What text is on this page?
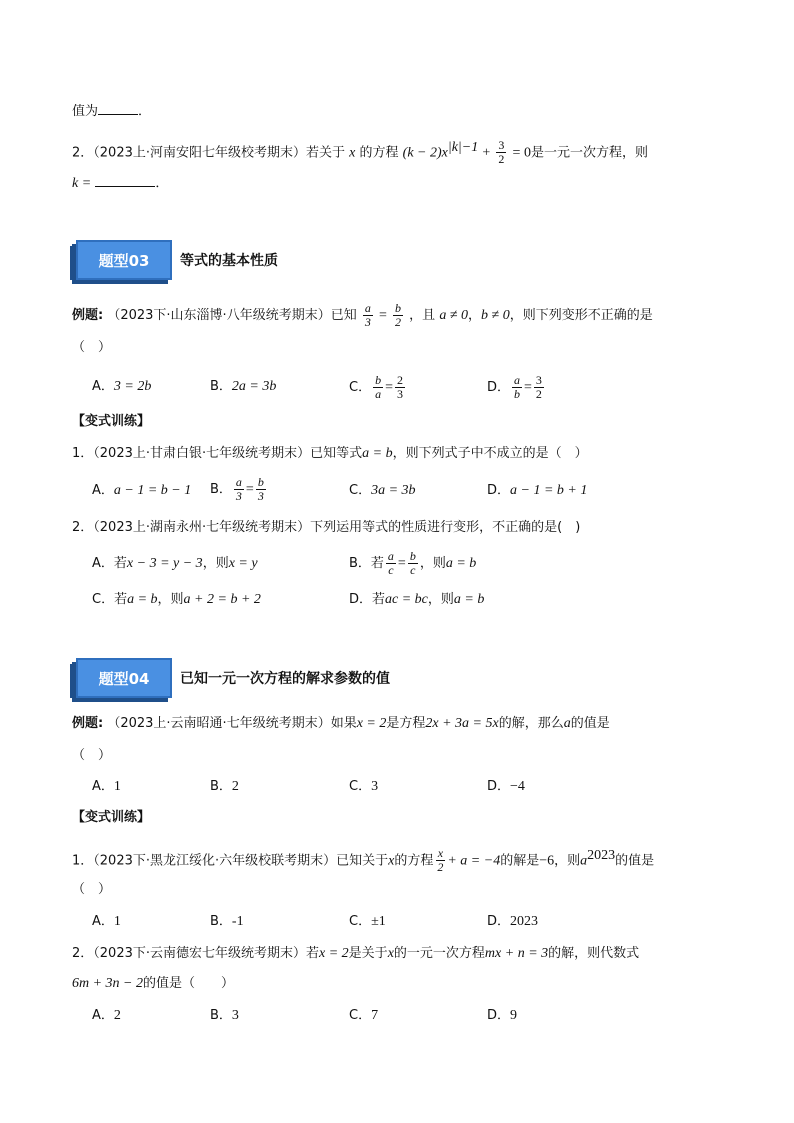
值为	．
2．（2023上·河南安阳七年级校考期末）若关于 x 的方程 $(k - 2)x^{|k|-1} + \frac{3}{2} = 0$是一元一次方程，则
k =	．
题型03	等式的基本性质
例题: （2023下·山东淄博·八年级统考期末）已知 $\frac{a}{3} = \frac{b}{2}$ ，且 a ≠ 0，b ≠ 0，则下列变形不正确的是
（　）
A．3 = 2b	B．2a = 3b	C． $\frac{b}{a} = \frac{2}{3}$	D． $\frac{a}{b} = \frac{3}{2}$
【变式训练】
1．（2023上·甘肃白银·七年级统考期末）已知等式a = b，则下列式子中不成立的是（　）
A．a − 1 = b − 1 B． $\frac{a}{3} = \frac{b}{3}$	C．3a = 3b	D．a − 1 = b + 1
2．（2023上·湖南永州·七年级统考期末）下列运用等式的性质进行变形，不正确的是(　)
A．若x − 3 = y − 3，则x = y	B．若 $\frac{a}{c} = \frac{b}{c}$ ，则a = b
C．若a = b，则a + 2 = b + 2	D．若ac = bc，则a = b
题型04	已知一元一次方程的解求参数的值
例题: （2023上·云南昭通·七年级统考期末）如果x = 2是方程2x + 3a = 5x的解，那么a的值是
（　）
A．1	B．2	C．3	D．−4
【变式训练】
1．（2023下·黑龙江绥化·六年级校联考期末）已知关于x的方程 $\frac{x}{2} + a = -4$的解是−6，则$a^{2023}$的值是
（　）
A．1	B．-1	C．±1	D．2023
2．（2023下·云南德宏七年级统考期末）若x = 2是关于x的一元一次方程mx + n = 3的解，则代数式
6m + 3n − 2的值是（　　）
A．2	B．3	C．7	D．9
